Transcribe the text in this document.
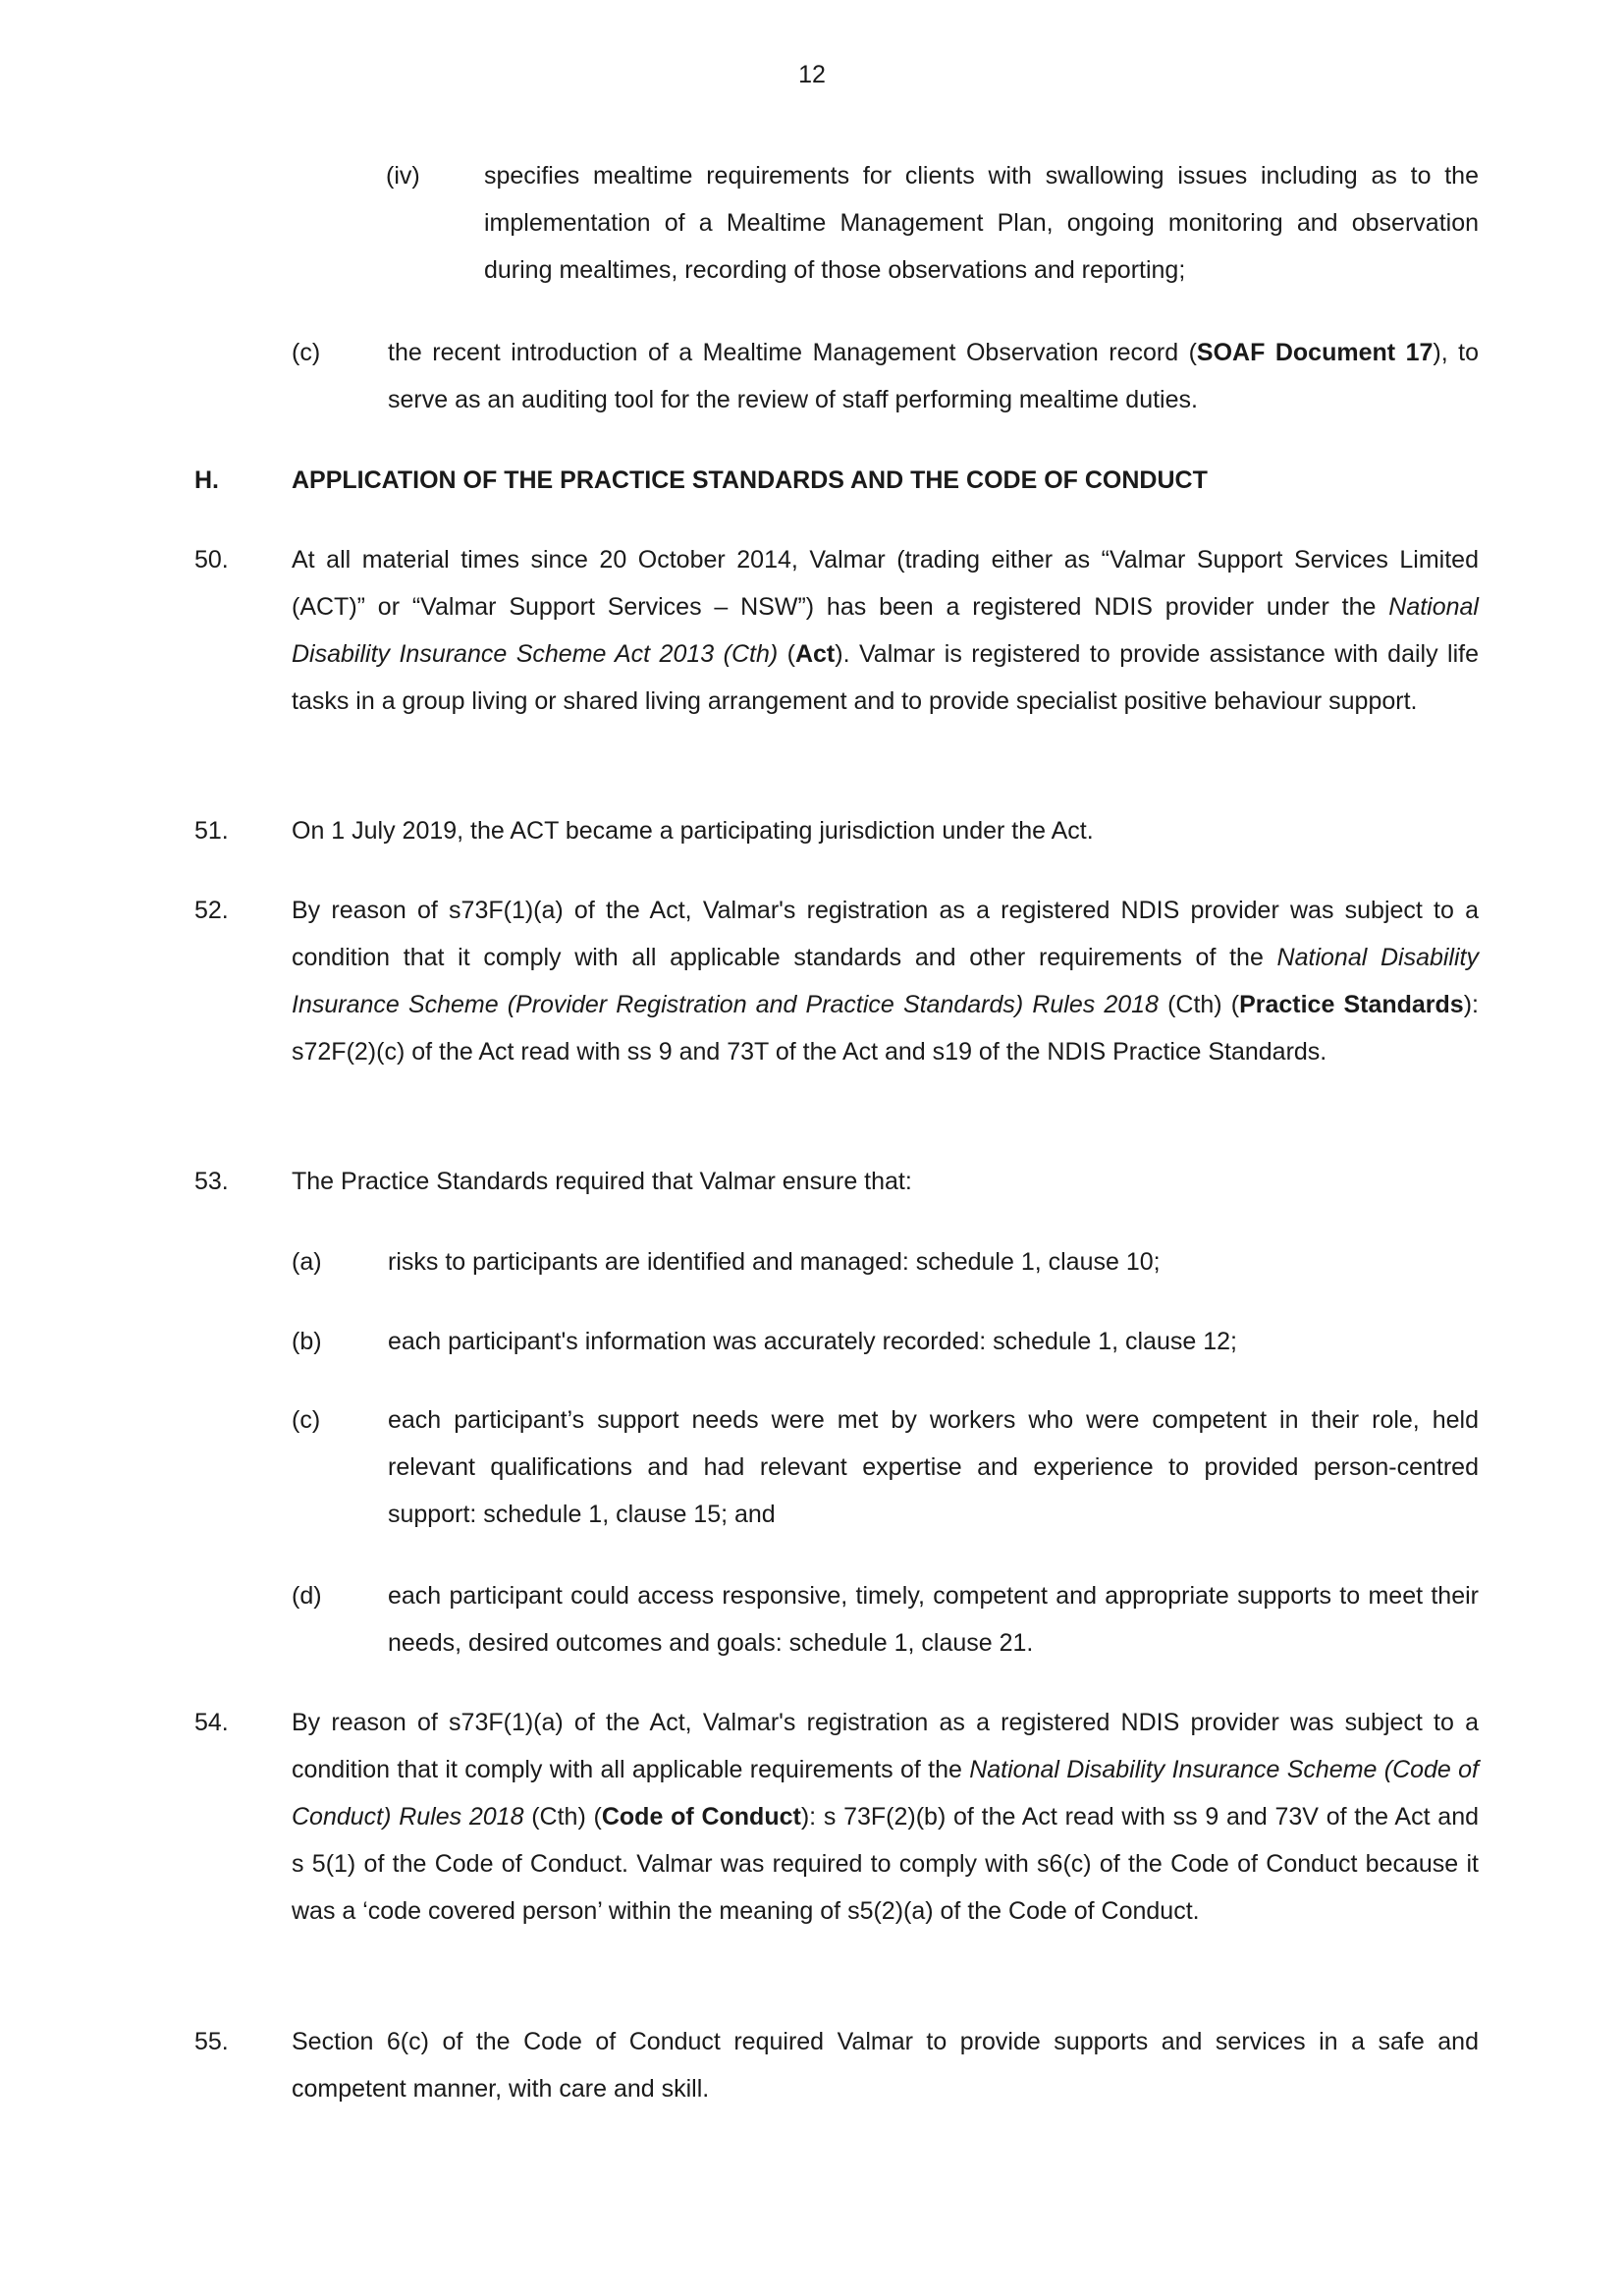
12
(iv)	specifies mealtime requirements for clients with swallowing issues including as to the implementation of a Mealtime Management Plan, ongoing monitoring and observation during mealtimes, recording of those observations and reporting;
(c)	the recent introduction of a Mealtime Management Observation record (SOAF Document 17), to serve as an auditing tool for the review of staff performing mealtime duties.
H.	APPLICATION OF THE PRACTICE STANDARDS AND THE CODE OF CONDUCT
50.	At all material times since 20 October 2014, Valmar (trading either as “Valmar Support Services Limited (ACT)” or “Valmar Support Services – NSW”) has been a registered NDIS provider under the National Disability Insurance Scheme Act 2013 (Cth) (Act). Valmar is registered to provide assistance with daily life tasks in a group living or shared living arrangement and to provide specialist positive behaviour support.
51.	On 1 July 2019, the ACT became a participating jurisdiction under the Act.
52.	By reason of s73F(1)(a) of the Act, Valmar's registration as a registered NDIS provider was subject to a condition that it comply with all applicable standards and other requirements of the National Disability Insurance Scheme (Provider Registration and Practice Standards) Rules 2018 (Cth) (Practice Standards): s72F(2)(c) of the Act read with ss 9 and 73T of the Act and s19 of the NDIS Practice Standards.
53.	The Practice Standards required that Valmar ensure that:
(a)	risks to participants are identified and managed: schedule 1, clause 10;
(b)	each participant's information was accurately recorded: schedule 1, clause 12;
(c)	each participant’s support needs were met by workers who were competent in their role, held relevant qualifications and had relevant expertise and experience to provided person-centred support: schedule 1, clause 15; and
(d)	each participant could access responsive, timely, competent and appropriate supports to meet their needs, desired outcomes and goals: schedule 1, clause 21.
54.	By reason of s73F(1)(a) of the Act, Valmar's registration as a registered NDIS provider was subject to a condition that it comply with all applicable requirements of the National Disability Insurance Scheme (Code of Conduct) Rules 2018 (Cth) (Code of Conduct): s 73F(2)(b) of the Act read with ss 9 and 73V of the Act and s 5(1) of the Code of Conduct. Valmar was required to comply with s6(c) of the Code of Conduct because it was a ‘code covered person’ within the meaning of s5(2)(a) of the Code of Conduct.
55.	Section 6(c) of the Code of Conduct required Valmar to provide supports and services in a safe and competent manner, with care and skill.
